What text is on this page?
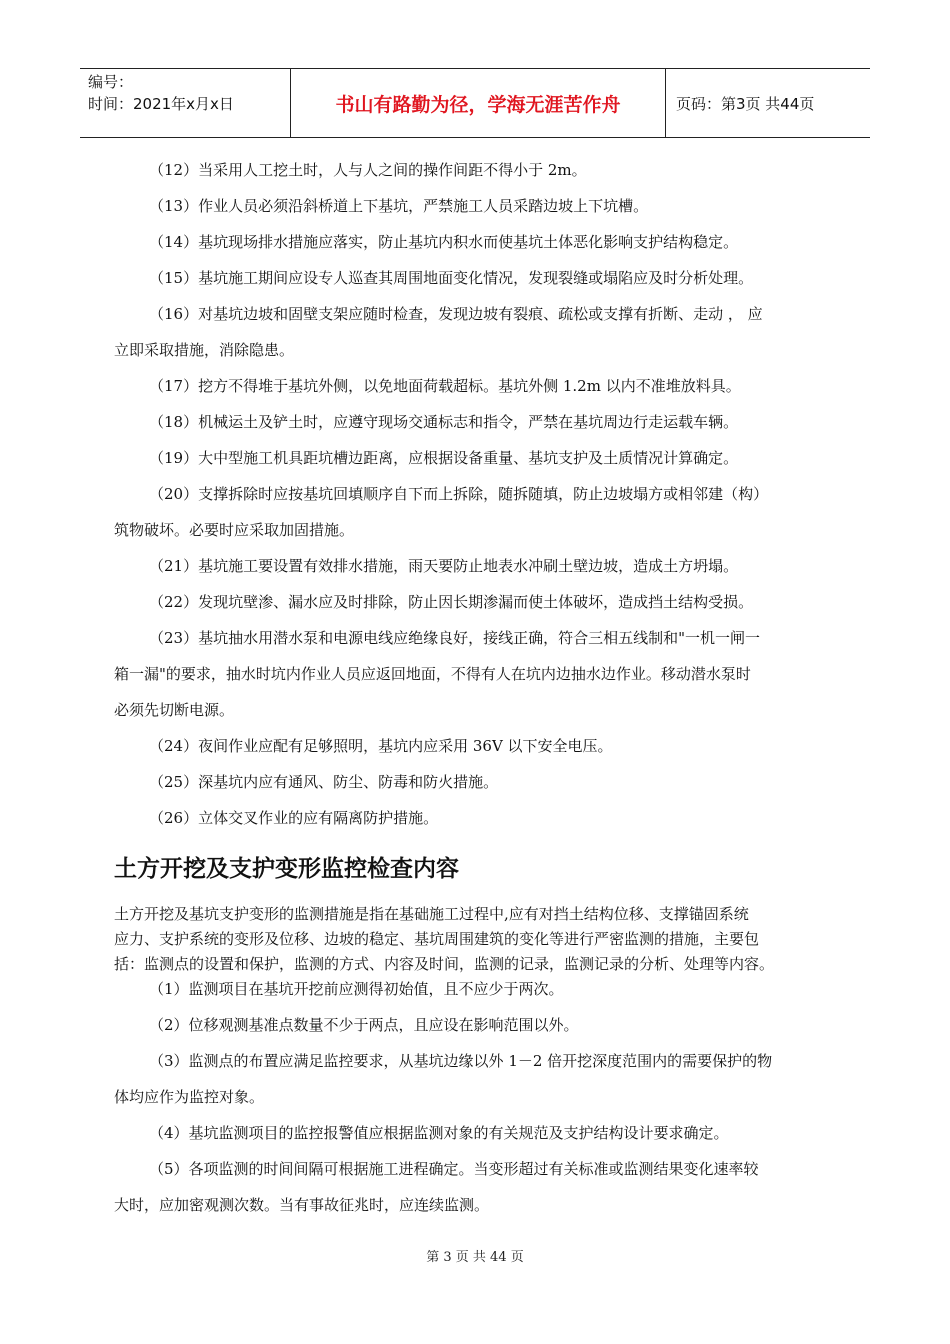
编号：
时间：2021年x月x日	书山有路勤为径，学海无涯苦作舟	页码：第3页 共44页

（12）当采用人工挖土时，人与人之间的操作间距不得小于 2m。

（13）作业人员必须沿斜桥道上下基坑，严禁施工人员采踏边坡上下坑槽。

（14）基坑现场排水措施应落实，防止基坑内积水而使基坑土体恶化影响支护结构稳定。

（15）基坑施工期间应设专人巡查其周围地面变化情况，发现裂缝或塌陷应及时分析处理。

（16）对基坑边坡和固壁支架应随时检查，发现边坡有裂痕、疏松或支撑有折断、走动 ， 应

立即采取措施，消除隐患。

（17）挖方不得堆于基坑外侧，以免地面荷载超标。基坑外侧 1.2m 以内不准堆放料具。

（18）机械运土及铲土时，应遵守现场交通标志和指令，严禁在基坑周边行走运载车辆。

（19）大中型施工机具距坑槽边距离，应根据设备重量、基坑支护及土质情况计算确定。

（20）支撑拆除时应按基坑回填顺序自下而上拆除，随拆随填，防止边坡塌方或相邻建（构）

筑物破坏。必要时应采取加固措施。

（21）基坑施工要设置有效排水措施，雨天要防止地表水冲刷土壁边坡，造成土方坍塌。

（22）发现坑壁渗、漏水应及时排除，防止因长期渗漏而使土体破坏，造成挡土结构受损。

（23）基坑抽水用潜水泵和电源电线应绝缘良好，接线正确，符合三相五线制和"一机一闸一

箱一漏"的要求，抽水时坑内作业人员应返回地面，不得有人在坑内边抽水边作业。移动潜水泵时

必须先切断电源。

（24）夜间作业应配有足够照明，基坑内应采用 36V 以下安全电压。

（25）深基坑内应有通风、防尘、防毒和防火措施。

（26）立体交叉作业的应有隔离防护措施。

土方开挖及支护变形监控检查内容

土方开挖及基坑支护变形的监测措施是指在基础施工过程中,应有对挡土结构位移、支撑锚固系统

应力、支护系统的变形及位移、边坡的稳定、基坑周围建筑的变化等进行严密监测的措施，主要包

括：监测点的设置和保护，监测的方式、内容及时间，监测的记录，监测记录的分析、处理等内容。

（1）监测项目在基坑开挖前应测得初始值，且不应少于两次。

（2）位移观测基准点数量不少于两点，且应设在影响范围以外。

（3）监测点的布置应满足监控要求，从基坑边缘以外 1－2 倍开挖深度范围内的需要保护的物

体均应作为监控对象。

（4）基坑监测项目的监控报警值应根据监测对象的有关规范及支护结构设计要求确定。

（5）各项监测的时间间隔可根据施工进程确定。当变形超过有关标准或监测结果变化速率较

大时，应加密观测次数。当有事故征兆时，应连续监测。

第 3 页 共 44 页
